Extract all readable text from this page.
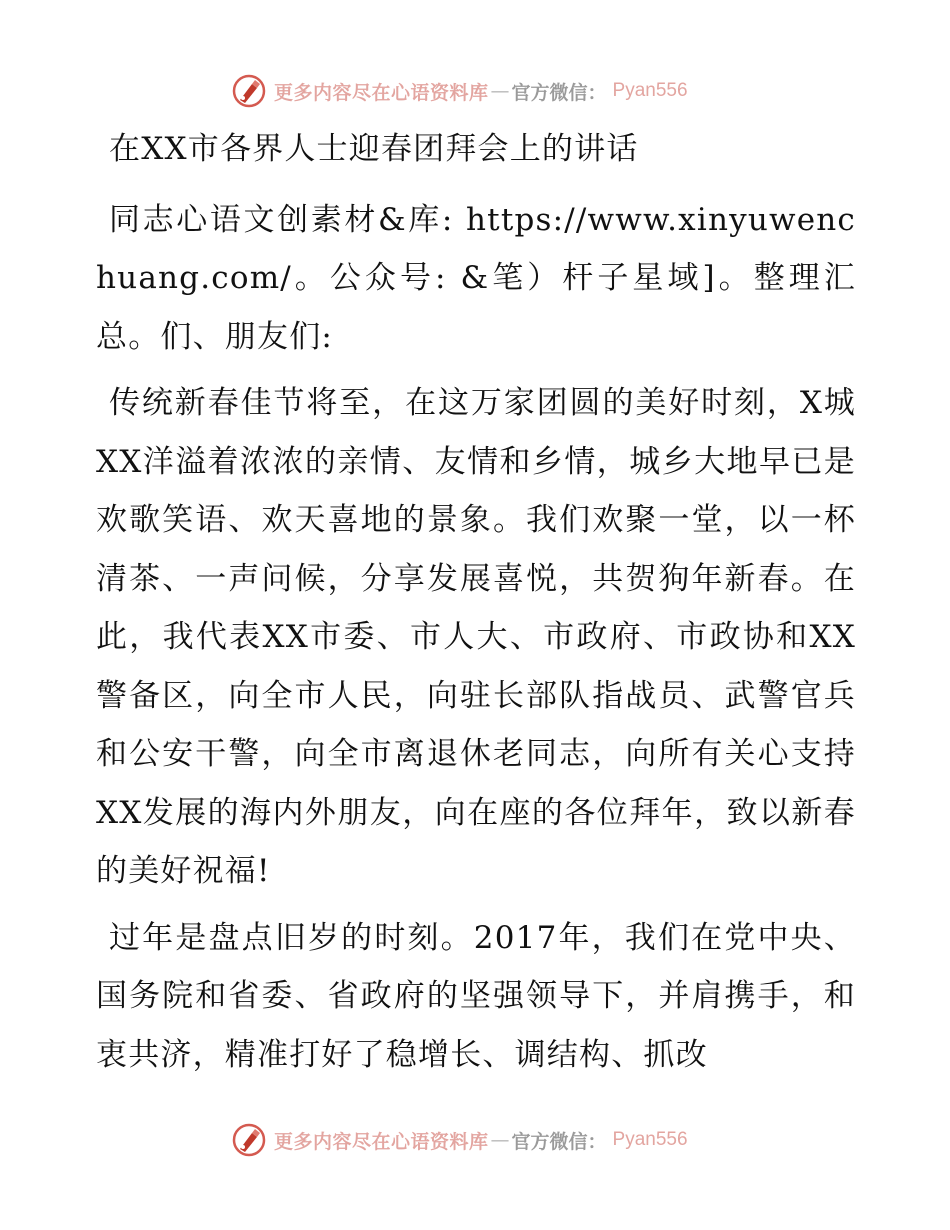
更多内容尽在心语资料库 — 官方微信： Pyan556

在XX市各界人士迎春团拜会上的讲话

同志心语文创素材&库: https://www.xinyuwenchuang.com/。公众号: &笔）杆子星域]。整理汇总。们、朋友们:

传统新春佳节将至，在这万家团圆的美好时刻，X城XX洋溢着浓浓的亲情、友情和乡情，城乡大地早已是欢歌笑语、欢天喜地的景象。我们欢聚一堂，以一杯清茶、一声问候，分享发展喜悦，共贺狗年新春。在此，我代表XX市委、市人大、市政府、市政协和XX警备区，向全市人民，向驻长部队指战员、武警官兵和公安干警，向全市离退休老同志，向所有关心支持XX发展的海内外朋友，向在座的各位拜年，致以新春的美好祝福!

过年是盘点旧岁的时刻。2017年，我们在党中央、国务院和省委、省政府的坚强领导下，并肩携手，和衷共济，精准打好了稳增长、调结构、抓改

更多内容尽在心语资料库 — 官方微信： Pyan556
